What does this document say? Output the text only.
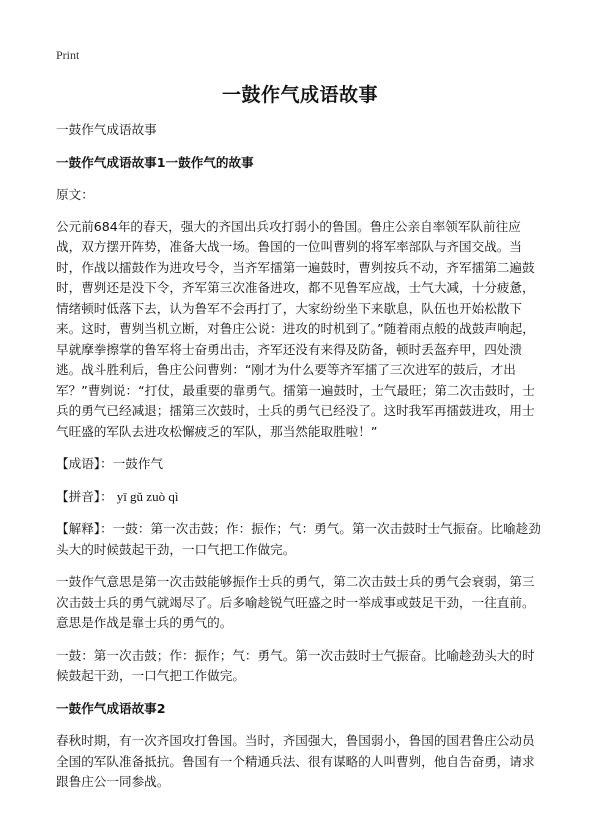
Print
一鼓作气成语故事

一鼓作气成语故事

一鼓作气成语故事1一鼓作气的故事

原文：

公元前684年的春天，强大的齐国出兵攻打弱小的鲁国。鲁庄公亲自率领军队前往应战，双方摆开阵势，准备大战一场。鲁国的一位叫曹刿的将军率部队与齐国交战。当时，作战以擂鼓作为进攻号令，当齐军擂第一遍鼓时，曹刿按兵不动，齐军擂第二遍鼓时，曹刿还是没下令，齐军第三次准备进攻，都不见鲁军应战，士气大减，十分疲惫，情绪顿时低落下去，认为鲁军不会再打了，大家纷纷坐下来歇息，队伍也开始松散下来。这时，曹刿当机立断，对鲁庄公说：进攻的时机到了。”随着雨点般的战鼓声响起，早就摩拳擦掌的鲁军将士奋勇出击，齐军还没有来得及防备，顿时丢盔弃甲，四处溃逃。战斗胜利后，鲁庄公问曹刿：“刚才为什么要等齐军擂了三次进军的鼓后，才出军？”曹刿说：“打仗，最重要的靠勇气。擂第一遍鼓时，士气最旺；第二次击鼓时，士兵的勇气已经减退；擂第三次鼓时，士兵的勇气已经没了。这时我军再擂鼓进攻，用士气旺盛的军队去进攻松懈疲乏的军队，那当然能取胜啦！”

【成语】：一鼓作气

【拼音】： yī gǔ zuò qì

【解释】：一鼓：第一次击鼓；作：振作；气：勇气。第一次击鼓时士气振奋。比喻趁劲头大的时候鼓起干劲，一口气把工作做完。

一鼓作气意思是第一次击鼓能够振作士兵的勇气，第二次击鼓士兵的勇气会衰弱，第三次击鼓士兵的勇气就竭尽了。后多喻趁锐气旺盛之时一举成事或鼓足干劲，一往直前。意思是作战是靠士兵的勇气的。

一鼓：第一次击鼓；作：振作；气：勇气。第一次击鼓时士气振奋。比喻趁劲头大的时候鼓起干劲，一口气把工作做完。

一鼓作气成语故事2

春秋时期，有一次齐国攻打鲁国。当时，齐国强大，鲁国弱小，鲁国的国君鲁庄公动员全国的军队准备抵抗。鲁国有一个精通兵法、很有谋略的人叫曹刿，他自告奋勇，请求跟鲁庄公一同参战。
